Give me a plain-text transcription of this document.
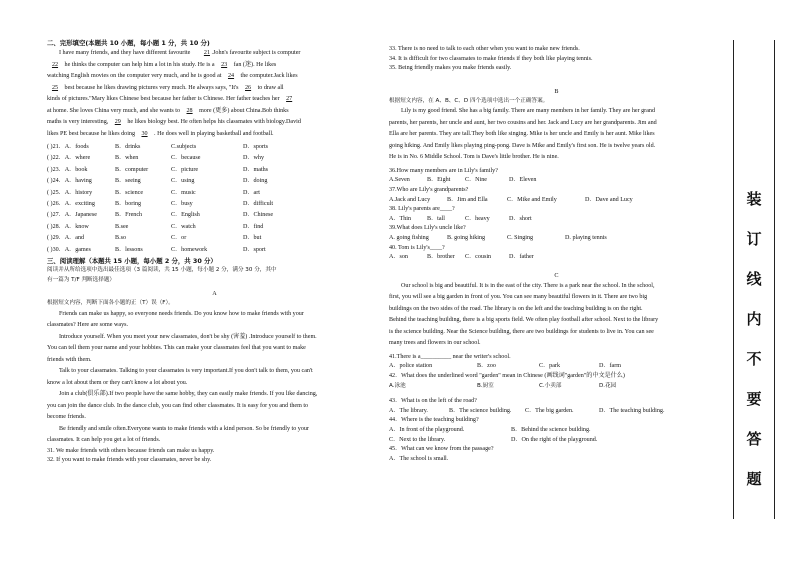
二、完形填空(本题共 10 小题，每小题 1 分，共 10 分)
I have many friends, and they have different favourite 21 .John's favourite subject is computer
22 he thinks the computer can help him a lot in his study. He is a 23 fan (迷). He likes
watching English movies on the computer very much, and he is good at 24 the computer.Jack likes
25 best because he likes drawing pictures very much. He always says, "It's 26 to draw all
kinds of pictures."Mary likes Chinese best because her father is Chinese. Her father teaches her 27
at home. She loves China very much, and she wants to 28 more (更多) about China.Bob thinks
maths is very interesting, 29 he likes biology best. He often helps his classmates with biology.David
likes PE best because he likes doing 30 . He does well in playing basketball and football.
( )21．A．foods	B．drinks	C.subjects	D．sports
( )22．A．where	B．when	C．because	D．why
( )23．A．book	B．computer	C．picture	D．maths
( )24．A．having	B．seeing	C．using	D．doing
( )25．A．history	B．science	C．music	D．art
( )26．A．exciting	B．boring	C．busy	D．difficult
( )27．A．Japanese	B．French	C．English	D．Chinese
( )28．A．know	B.see	C．watch	D．find
( )29．A．and	B.so	C．or	D．but
( )30．A．games	B．lessons	C．homework	D．sport
三、阅读理解（本题共 15 小题，每小题 2 分，共 30 分）
阅读并从所给选项中选出最佳选项（3 篇阅读，共 15 小题，每小题 2 分，满分 30 分，其中
有一篇为 T/F 判断选择题）
A
根据短文内容，判断下面各小题的正（T）误（F）。
Friends can make us happy, so everyone needs friends. Do you know how to make friends with your
classmates? Here are some ways.
Introduce yourself. When you meet your new classmates, don't be shy (害羞) .Introduce yourself to them.
You can tell them your name and your hobbies. This can make your classmates feel that you want to make
friends with them.
Talk to your classmates. Talking to your classmates is very important.If you don't talk to them, you can't
know a lot about them or they can't know a lot about you.
Join a club(俱乐部).If two people have the same hobby, they can easily make friends. If you like dancing,
you can join the dance club. In the dance club, you can find other classmates. It is easy for you and them to
become friends.
Be friendly and smile often.Everyone wants to make friends with a kind person. So be friendly to your
classmates. It can help you get a lot of friends.
31. We make friends with others because friends can make us happy.
32. If you want to make friends with your classmates, never be shy.
33. There is no need to talk to each other when you want to make new friends.
34. It is difficult for two classmates to make friends if they both like playing tennis.
35. Being friendly makes you make friends easily.
B
根据短文内容，在 A、B、C、D 四个选项中选出一个正确答案。
Lily is my good friend. She has a big family. There are many members in her family. They are her grand
parents, her parents, her uncle and aunt, her two cousins and her. Jack and Lucy are her grandparents. Jim and
Ella are her parents. They are tall.They both like singing. Mike is her uncle and Emily is her aunt. Mike likes
going hiking. And Emily likes playing ping-pong. Dave is Mike and Emily's first son. He is twelve years old.
He is in No. 6 Middle School. Tom is Dave's little brother. He is nine.
36.How many members are in Lily's family?
A.Seven	B．Eight C．Nine	D．Eleven
37.Who are Lily's grandparents?
A.Jack and Lucy	B．Jim and Ella	C．Mike and Emily	D．Dave and Lucy
38. Lily's parents are____?
A．Thin	B．tall	C．heavy	D．short
39.What does Lily's uncle like?
A. going fishing	B. going hiking	C. Singing	D. playing tennis
40. Tom is Lily's____?
A．son	B．brother C．cousin	D．father
C
Our school is big and beautiful. It is in the east of the city. There is a park near the school. In the school,
first, you will see a big garden in front of you. You can see many beautiful flowers in it. There are two big
buildings on the two sides of the road. The library is on the left and the teaching building is on the right.
Behind the teaching building, there is a big sports field. We often play football after school. Next to the library
is the science building. Near the Science building, there are two buildings for students to live in. You can see
many trees and flowers in our school.
41.There is a__________ near the writer's school.
A．police station	B．zoo	C．park	D．farm
42．What does the underlined word "garden" mean in Chinese (画线词"garden"的中文是什么)
A.泳池	B.厨室	C.小卖部	D.花园
43．What is on the left of the road?
A．The library.	B．The science building. C．The big garden.	D．The teaching building.
44．Where is the teaching building?
A．In front of the playground.	B．Behind the science building.
C．Next to the library.	D．On the right of the playground.
45．What can we know from the passage?
A．The school is small.
装
订
线
内
不
要
答
题
